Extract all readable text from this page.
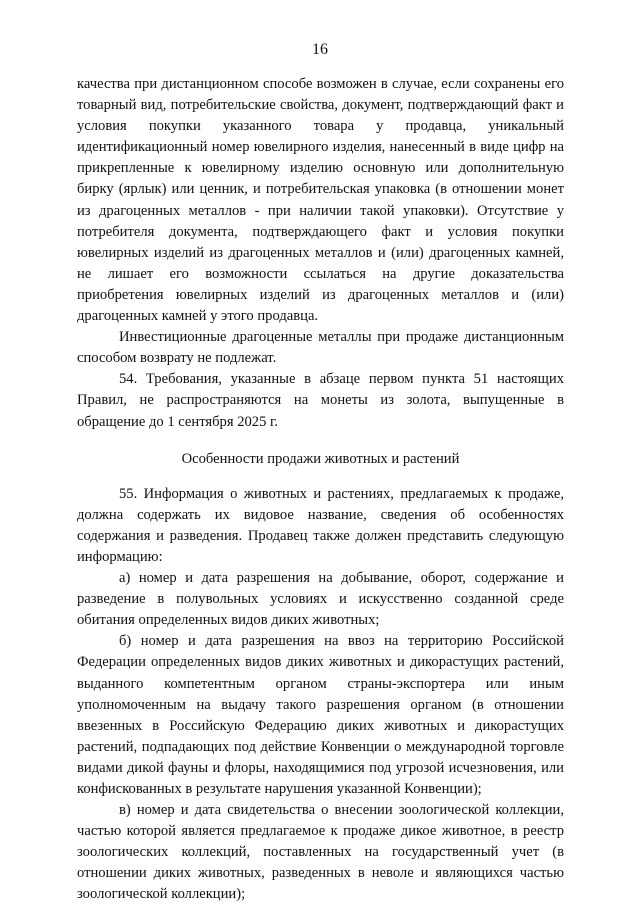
16

качества при дистанционном способе возможен в случае, если сохранены его товарный вид, потребительские свойства, документ, подтверждающий факт и условия покупки указанного товара у продавца, уникальный идентификационный номер ювелирного изделия, нанесенный в виде цифр на прикрепленные к ювелирному изделию основную или дополнительную бирку (ярлык) или ценник, и потребительская упаковка (в отношении монет из драгоценных металлов - при наличии такой упаковки). Отсутствие у потребителя документа, подтверждающего факт и условия покупки ювелирных изделий из драгоценных металлов и (или) драгоценных камней, не лишает его возможности ссылаться на другие доказательства приобретения ювелирных изделий из драгоценных металлов и (или) драгоценных камней у этого продавца.

Инвестиционные драгоценные металлы при продаже дистанционным способом возврату не подлежат.

54. Требования, указанные в абзаце первом пункта 51 настоящих Правил, не распространяются на монеты из золота, выпущенные в обращение до 1 сентября 2025 г.

Особенности продажи животных и растений

55. Информация о животных и растениях, предлагаемых к продаже, должна содержать их видовое название, сведения об особенностях содержания и разведения. Продавец также должен представить следующую информацию:

а) номер и дата разрешения на добывание, оборот, содержание и разведение в полувольных условиях и искусственно созданной среде обитания определенных видов диких животных;

б) номер и дата разрешения на ввоз на территорию Российской Федерации определенных видов диких животных и дикорастущих растений, выданного компетентным органом страны-экспортера или иным уполномоченным на выдачу такого разрешения органом (в отношении ввезенных в Российскую Федерацию диких животных и дикорастущих растений, подпадающих под действие Конвенции о международной торговле видами дикой фауны и флоры, находящимися под угрозой исчезновения, или конфискованных в результате нарушения указанной Конвенции);

в) номер и дата свидетельства о внесении зоологической коллекции, частью которой является предлагаемое к продаже дикое животное, в реестр зоологических коллекций, поставленных на государственный учет (в отношении диких животных, разведенных в неволе и являющихся частью зоологической коллекции);
